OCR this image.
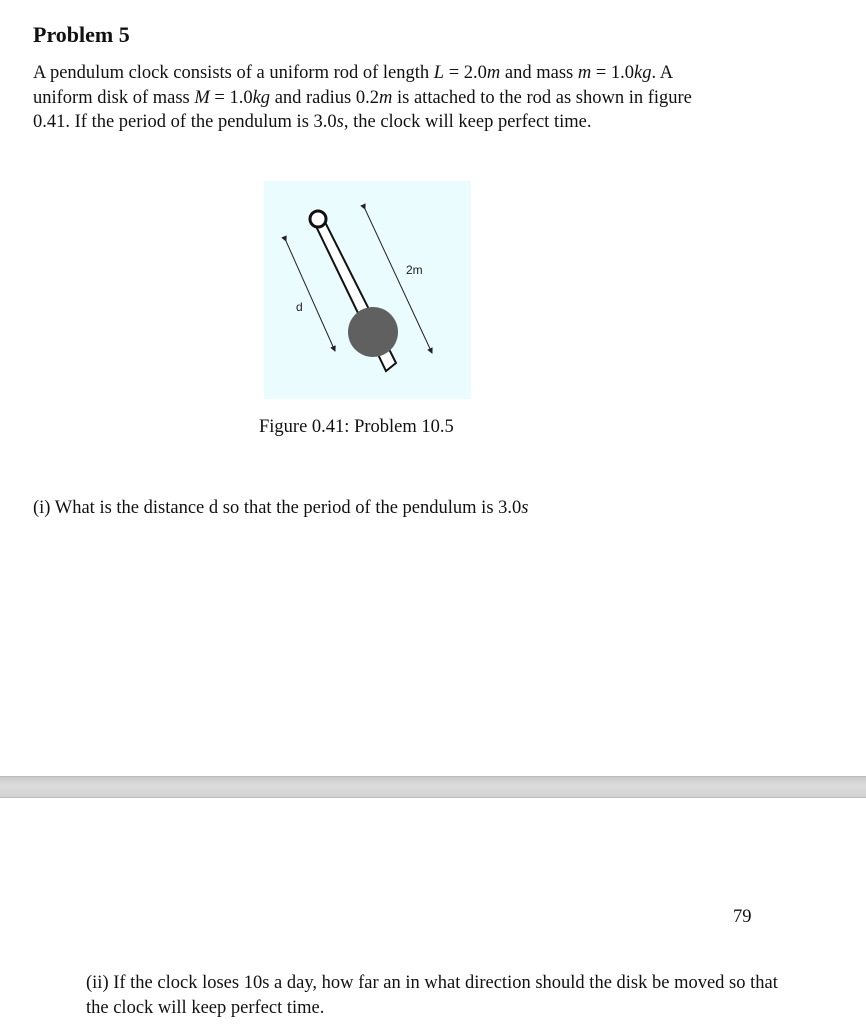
Problem 5

A pendulum clock consists of a uniform rod of length L = 2.0m and mass m = 1.0kg. A uniform disk of mass M = 1.0kg and radius 0.2m is attached to the rod as shown in figure 0.41. If the period of the pendulum is 3.0s, the clock will keep perfect time.

2m
d

Figure 0.41: Problem 10.5

(i) What is the distance d so that the period of the pendulum is 3.0s

79

(ii) If the clock loses 10s a day, how far an in what direction should the disk be moved so that the clock will keep perfect time.
